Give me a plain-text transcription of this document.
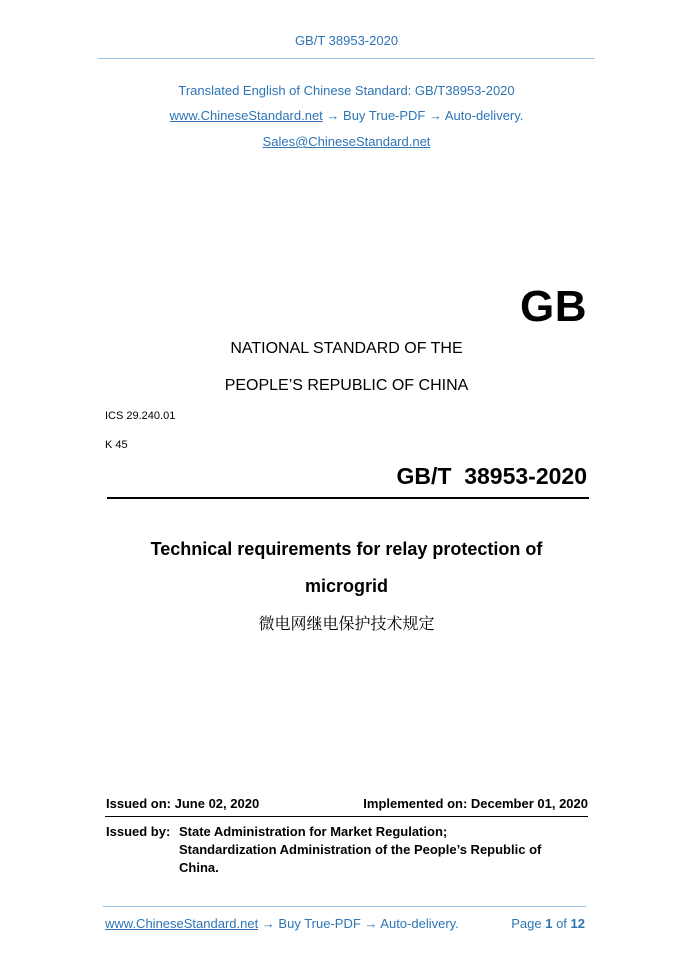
GB/T 38953-2020
Translated English of Chinese Standard: GB/T38953-2020
www.ChineseStandard.net → Buy True-PDF → Auto-delivery.
Sales@ChineseStandard.net
GB
NATIONAL STANDARD OF THE
PEOPLE’S REPUBLIC OF CHINA
ICS 29.240.01
K 45
GB/T  38953-2020
Technical requirements for relay protection of
microgrid
微电网继电保护技术规定
Issued on: June 02, 2020	Implemented on: December 01, 2020
Issued by: State Administration for Market Regulation;
Standardization Administration of the People’s Republic of
China.
www.ChineseStandard.net → Buy True-PDF → Auto-delivery.	Page 1 of 12
